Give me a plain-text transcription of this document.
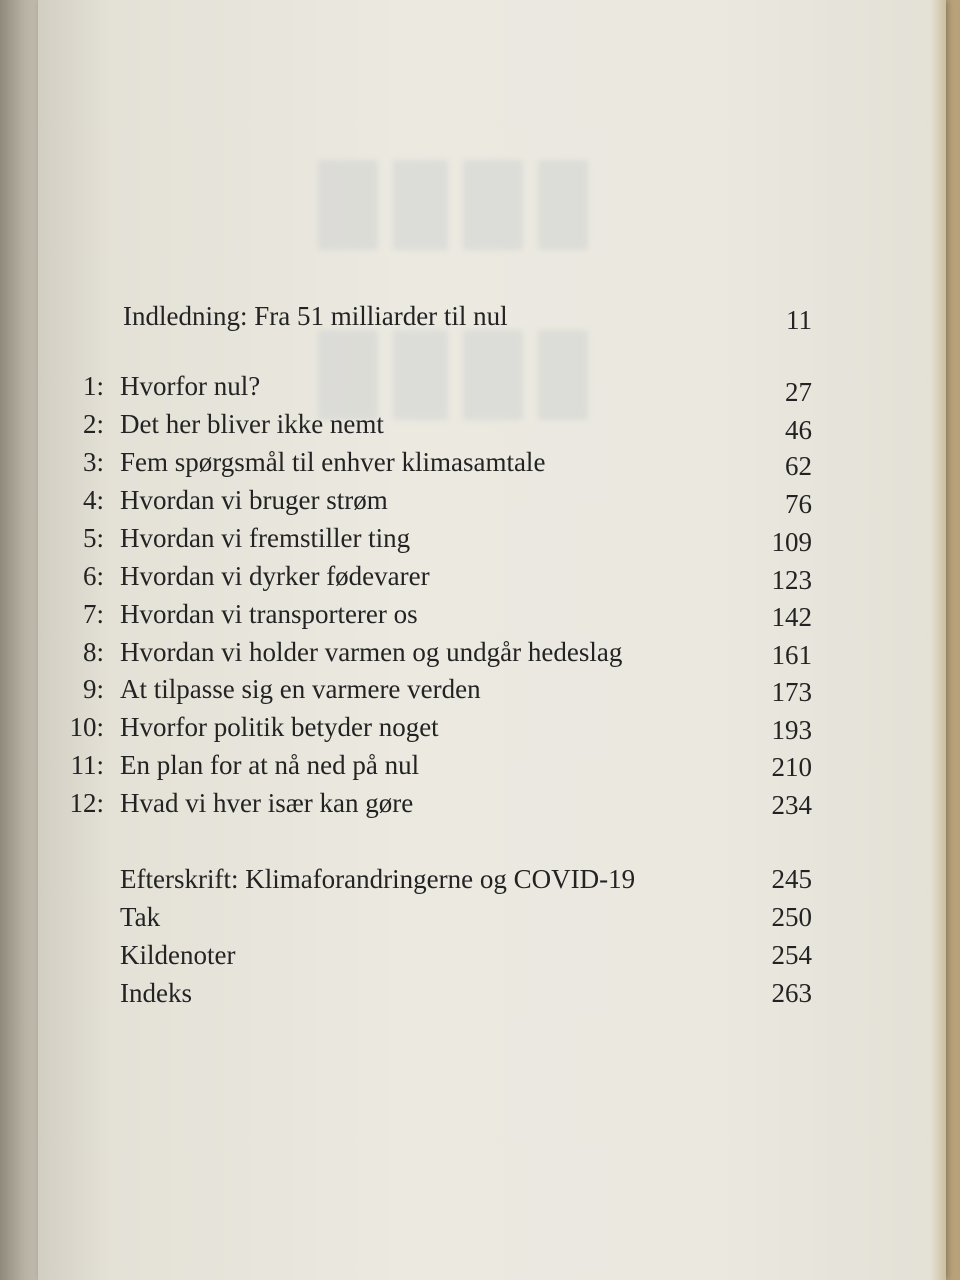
Indledning: Fra 51 milliarder til nul	11
1: Hvorfor nul?	27
2: Det her bliver ikke nemt	46
3: Fem spørgsmål til enhver klimasamtale	62
4: Hvordan vi bruger strøm	76
5: Hvordan vi fremstiller ting	109
6: Hvordan vi dyrker fødevarer	123
7: Hvordan vi transporterer os	142
8: Hvordan vi holder varmen og undgår hedeslag	161
9: At tilpasse sig en varmere verden	173
10: Hvorfor politik betyder noget	193
11: En plan for at nå ned på nul	210
12: Hvad vi hver især kan gøre	234
Efterskrift: Klimaforandringerne og COVID-19	245
Tak	250
Kildenoter	254
Indeks	263
